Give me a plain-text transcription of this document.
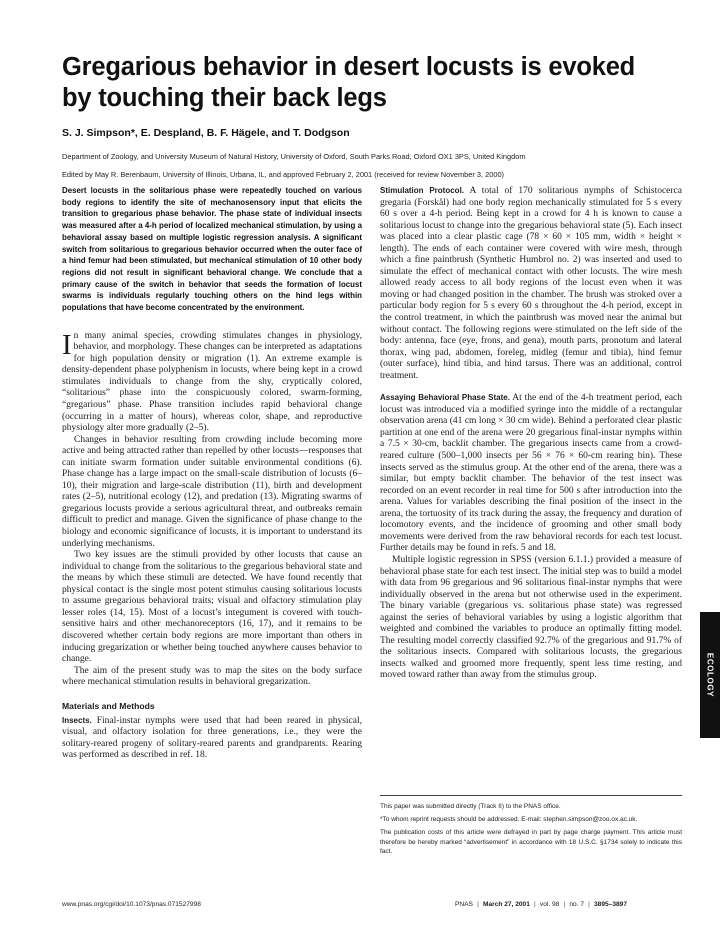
Gregarious behavior in desert locusts is evoked by touching their back legs
S. J. Simpson*, E. Despland, B. F. Hägele, and T. Dodgson
Department of Zoology, and University Museum of Natural History, University of Oxford, South Parks Road, Oxford OX1 3PS, United Kingdom
Edited by May R. Berenbaum, University of Illinois, Urbana, IL, and approved February 2, 2001 (received for review November 3, 2000)

Desert locusts in the solitarious phase were repeatedly touched on various body regions to identify the site of mechanosensory input that elicits the transition to gregarious phase behavior. The phase state of individual insects was measured after a 4-h period of localized mechanical stimulation, by using a behavioral assay based on multiple logistic regression analysis. A significant switch from solitarious to gregarious behavior occurred when the outer face of a hind femur had been stimulated, but mechanical stimulation of 10 other body regions did not result in significant behavioral change. We conclude that a primary cause of the switch in behavior that seeds the formation of locust swarms is individuals regularly touching others on the hind legs within populations that have become concentrated by the environment.

In many animal species, crowding stimulates changes in physiology, behavior, and morphology. These changes can be interpreted as adaptations for high population density or migration (1). An extreme example is density-dependent phase polyphenism in locusts, where being kept in a crowd stimulates individuals to change from the shy, cryptically colored, “solitarious” phase into the conspicuously colored, swarm-forming, “gregarious” phase. Phase transition includes rapid behavioral change (occurring in a matter of hours), whereas color, shape, and reproductive physiology alter more gradually (2–5).

Changes in behavior resulting from crowding include becoming more active and being attracted rather than repelled by other locusts—responses that can initiate swarm formation under suitable environmental conditions (6). Phase change has a large impact on the small-scale distribution of locusts (6–10), their migration and large-scale distribution (11), birth and development rates (2–5), nutritional ecology (12), and predation (13). Migrating swarms of gregarious locusts provide a serious agricultural threat, and outbreaks remain difficult to predict and manage. Given the significance of phase change to the biology and economic significance of locusts, it is important to understand its underlying mechanisms.

Two key issues are the stimuli provided by other locusts that cause an individual to change from the solitarious to the gregarious behavioral state and the means by which these stimuli are detected. We have found recently that physical contact is the single most potent stimulus causing solitarious locusts to assume gregarious behavioral traits; visual and olfactory stimulation play lesser roles (14, 15). Most of a locust’s integument is covered with touch-sensitive hairs and other mechanoreceptors (16, 17), and it remains to be discovered whether certain body regions are more important than others in inducing gregarization or whether being touched anywhere causes behavior to change.

The aim of the present study was to map the sites on the body surface where mechanical stimulation results in behavioral gregarization.

Materials and Methods

Insects. Final-instar nymphs were used that had been reared in physical, visual, and olfactory isolation for three generations, i.e., they were the solitary-reared progeny of solitary-reared parents and grandparents. Rearing was performed as described in ref. 18.

Stimulation Protocol. A total of 170 solitarious nymphs of Schistocerca gregaria (Forskål) had one body region mechanically stimulated for 5 s every 60 s over a 4-h period. Being kept in a crowd for 4 h is known to cause a solitarious locust to change into the gregarious behavioral state (5). Each insect was placed into a clear plastic cage (78 × 60 × 105 mm, width × height × length). The ends of each container were covered with wire mesh, through which a fine paintbrush (Synthetic Humbrol no. 2) was inserted and used to simulate the effect of mechanical contact with other locusts. The wire mesh allowed ready access to all body regions of the locust even when it was moving or had changed position in the chamber. The brush was stroked over a particular body region for 5 s every 60 s throughout the 4-h period, except in the control treatment, in which the paintbrush was moved near the animal but without contact. The following regions were stimulated on the left side of the body: antenna, face (eye, frons, and gena), mouth parts, pronotum and lateral thorax, wing pad, abdomen, foreleg, midleg (femur and tibia), hind femur (outer surface), hind tibia, and hind tarsus. There was an additional, control treatment.

Assaying Behavioral Phase State. At the end of the 4-h treatment period, each locust was introduced via a modified syringe into the middle of a rectangular observation arena (41 cm long × 30 cm wide). Behind a perforated clear plastic partition at one end of the arena were 20 gregarious final-instar nymphs within a 7.5 × 30-cm, backlit chamber. The gregarious insects came from a crowd-reared culture (500–1,000 insects per 56 × 76 × 60-cm rearing bin). These insects served as the stimulus group. At the other end of the arena, there was a similar, but empty backlit chamber. The behavior of the test insect was recorded on an event recorder in real time for 500 s after introduction into the arena. Values for variables describing the final position of the insect in the arena, the tortuosity of its track during the assay, the frequency and duration of locomotory events, and the incidence of grooming and other small body movements were derived from the raw behavioral records for each test locust. Further details may be found in refs. 5 and 18.

Multiple logistic regression in SPSS (version 6.1.1.) provided a measure of behavioral phase state for each test insect. The initial step was to build a model with data from 96 gregarious and 96 solitarious final-instar nymphs that were individually observed in the arena but not otherwise used in the experiment. The binary variable (gregarious vs. solitarious phase state) was regressed against the series of behavioral variables by using a logistic algorithm that weighted and combined the variables to produce an optimally fitting model. The resulting model correctly classified 92.7% of the gregarious and 91.7% of the solitarious insects. Compared with solitarious locusts, the gregarious insects walked and groomed more frequently, spent less time resting, and moved toward rather than away from the stimulus group.

This paper was submitted directly (Track II) to the PNAS office.

*To whom reprint requests should be addressed. E-mail: stephen.simpson@zoo.ox.ac.uk.

The publication costs of this article were defrayed in part by page charge payment. This article must therefore be hereby marked “advertisement” in accordance with 18 U.S.C. §1734 solely to indicate this fact.

www.pnas.org/cgi/doi/10.1073/pnas.071527998	PNAS | March 27, 2001 | vol. 98 | no. 7 | 3895–3897
ECOLOGY
